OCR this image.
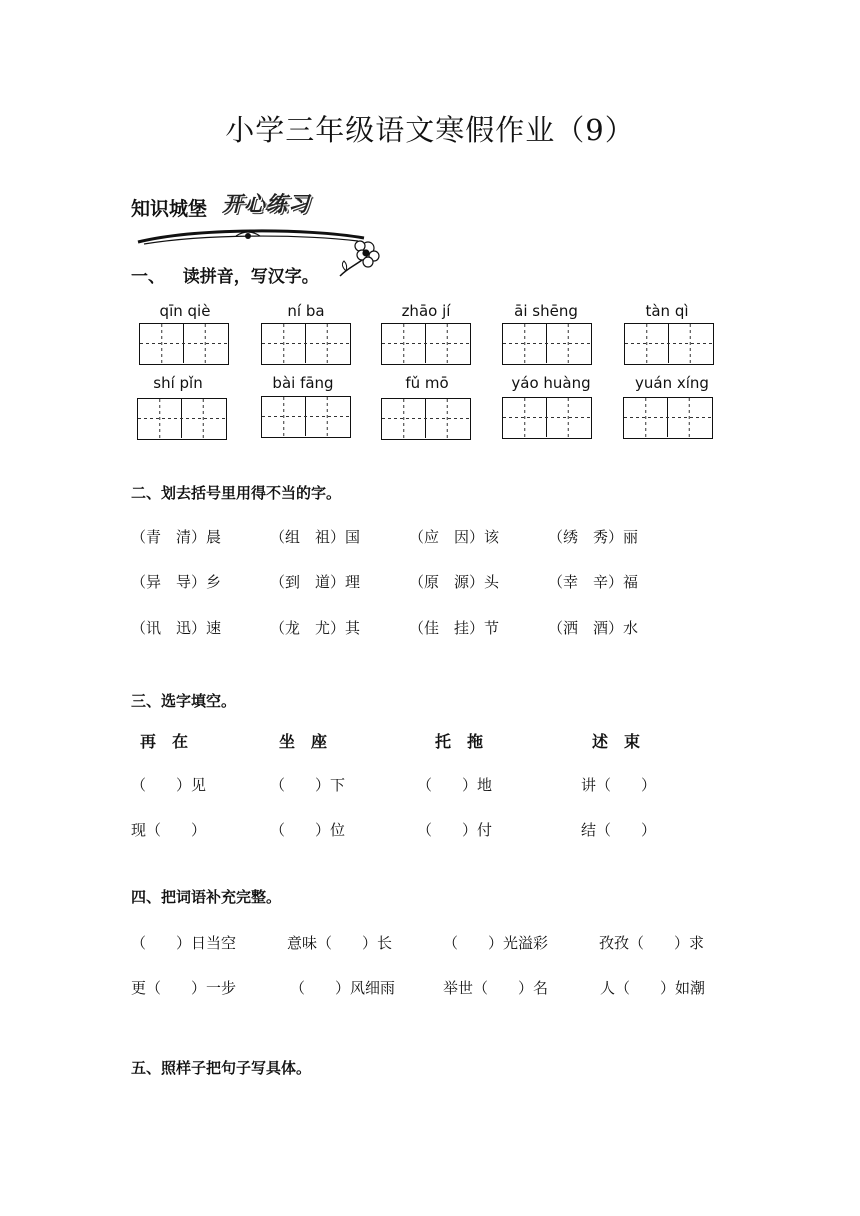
小学三年级语文寒假作业（9）
知识城堡 开心练习
一、   读拼音，写汉字。
qīn qiè	ní ba	zhāo jí	āi shēng	tàn qì
shí pǐn	bài fāng	fǔ mō	yáo huàng	yuán xíng
二、划去括号里用得不当的字。
（青　清）晨	（组　祖）国	（应　因）该	（绣　秀）丽
（异　导）乡	（到　道）理	（原　源）头	（幸　辛）福
（讯　迅）速	（龙　尤）其	（佳　挂）节	（洒　酒）水
三、选字填空。
再　在	坐　座	托　拖	述　束
（　　）见	（　　）下	（　　）地	讲（　　）
现（　　）	（　　）位	（　　）付	结（　　）
四、把词语补充完整。
（　　）日当空	意味（　　）长	（　　）光溢彩	孜孜（　　）求
更（　　）一步	（　　）风细雨	举世（　　）名	人（　　）如潮
五、照样子把句子写具体。
